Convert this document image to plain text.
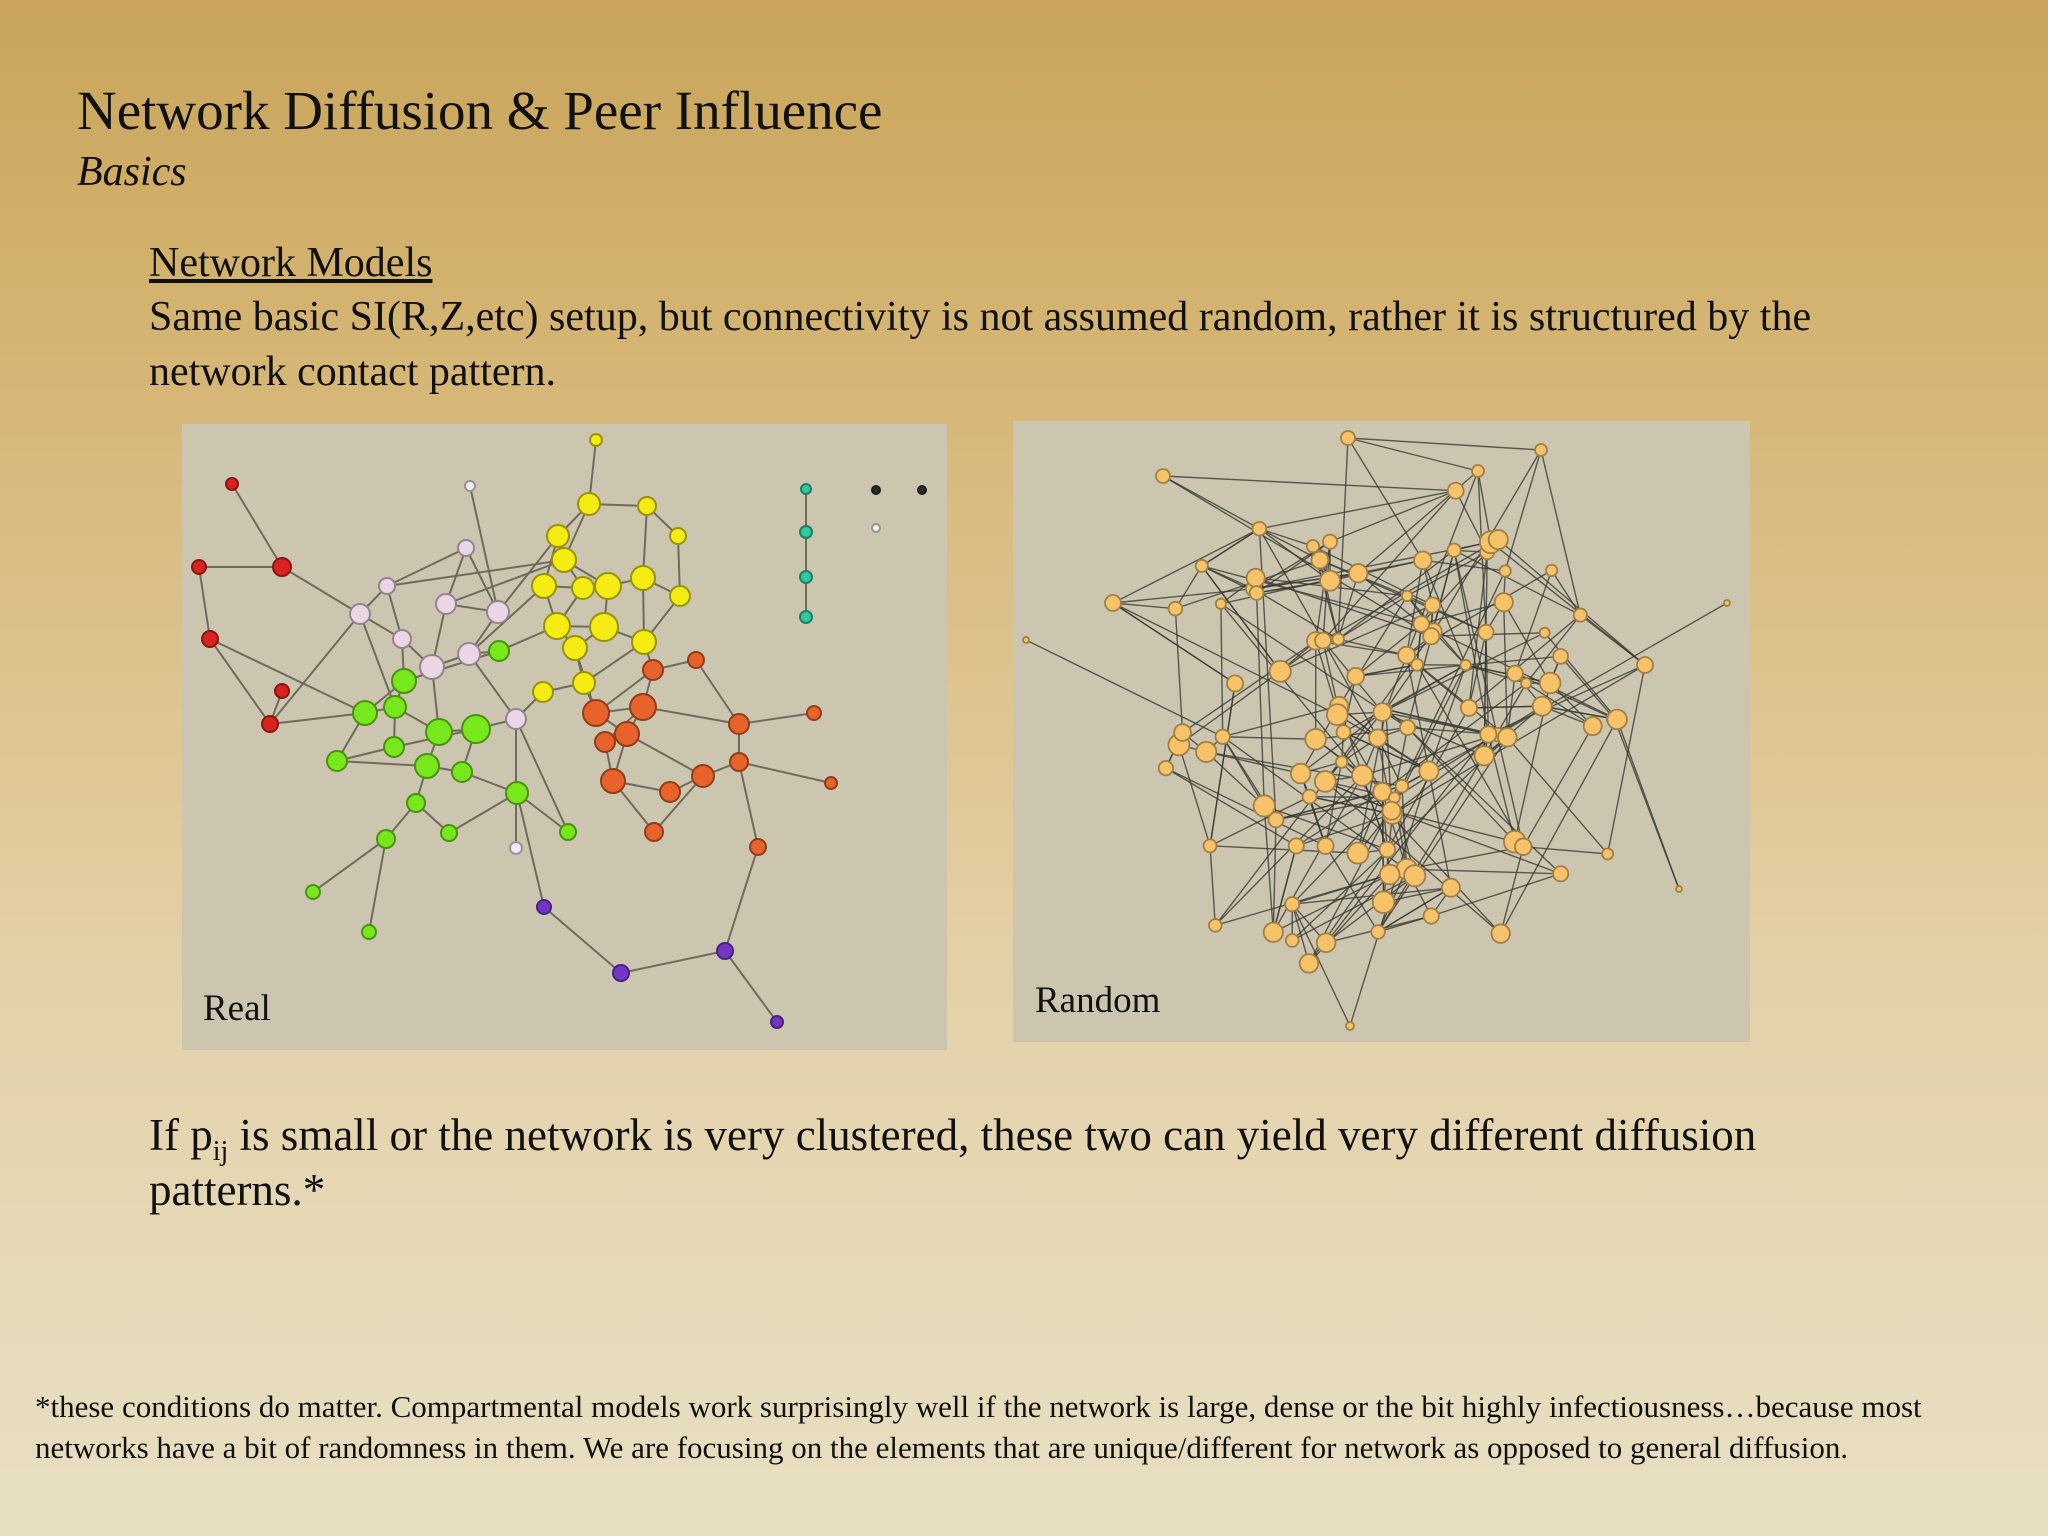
Network Diffusion & Peer Influence
Basics
Network Models
Same basic SI(R,Z,etc) setup, but connectivity is not assumed random, rather it is structured by the network contact pattern.
Real	Random
If $p_{ij}$ is small or the network is very clustered, these two can yield very different diffusion patterns.*
*these conditions do matter. Compartmental models work surprisingly well if the network is large, dense or the bit highly infectiousness…because most networks have a bit of randomness in them. We are focusing on the elements that are unique/different for network as opposed to general diffusion.
